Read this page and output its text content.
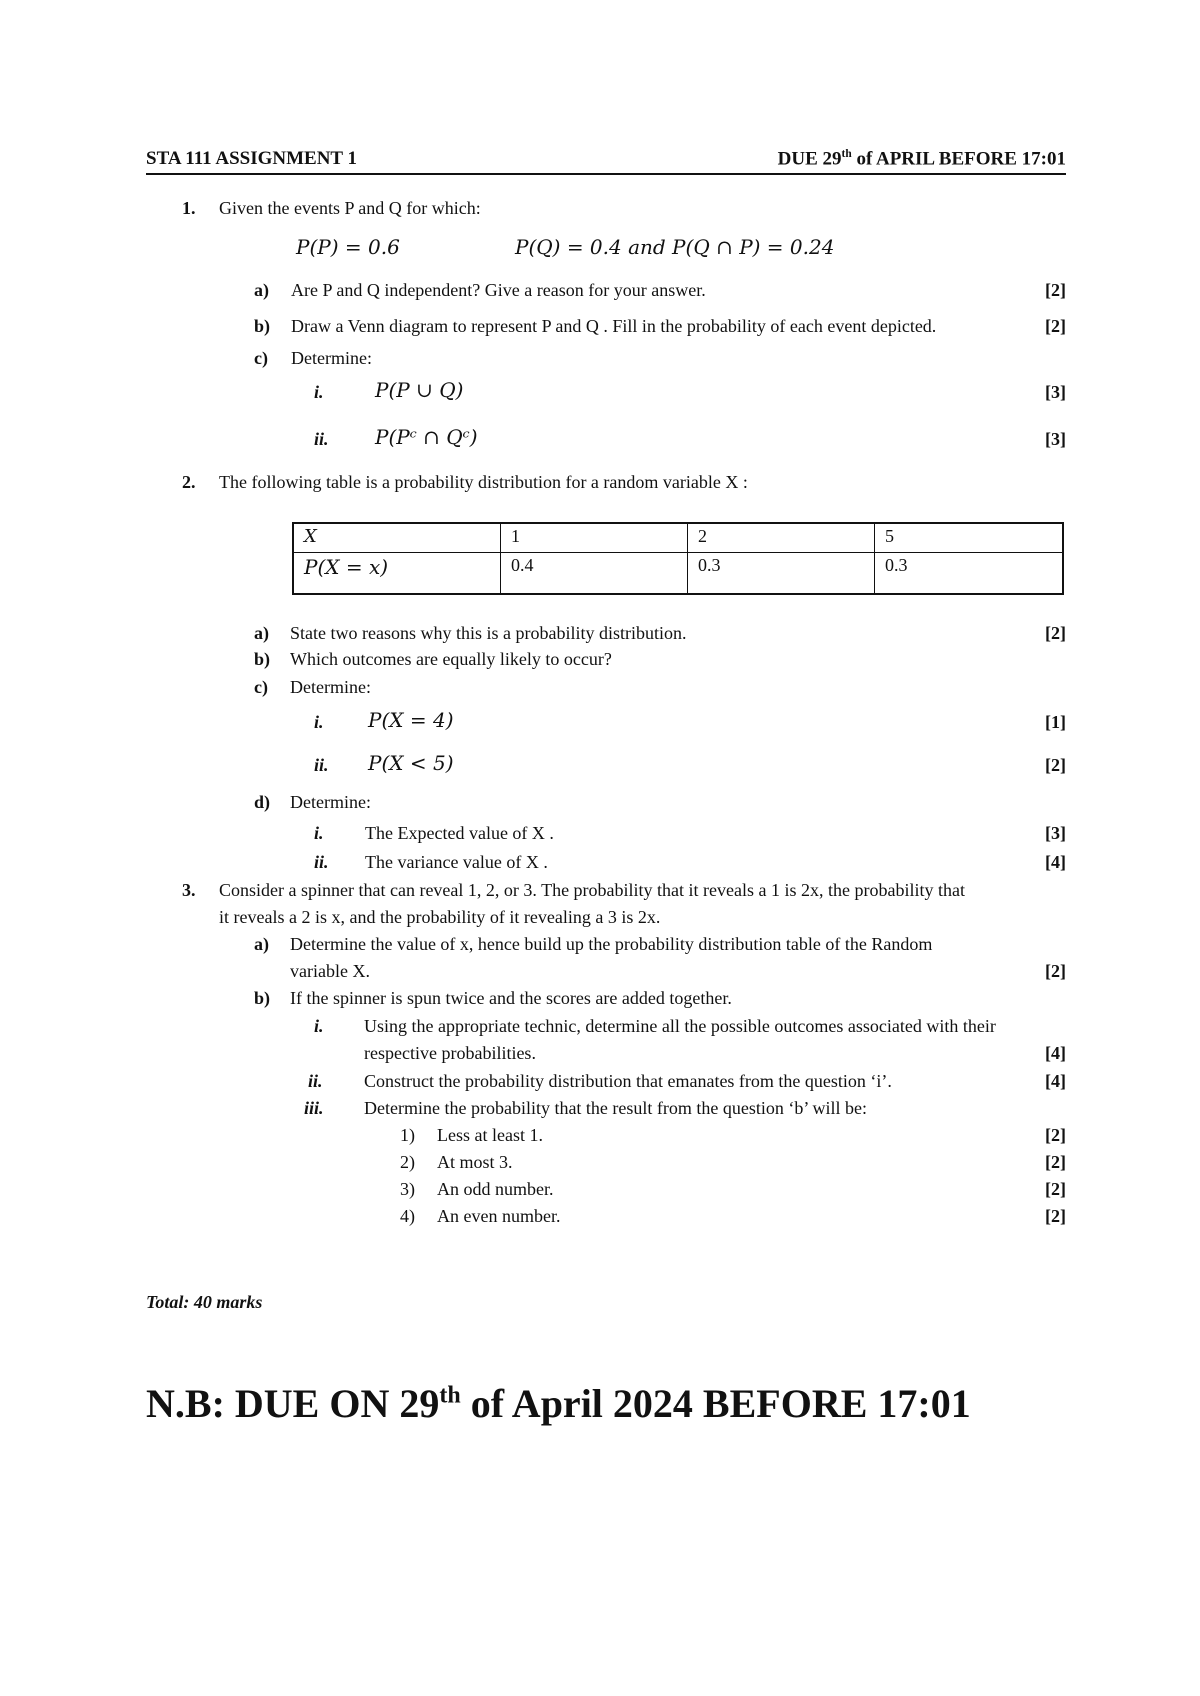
STA 111 ASSIGNMENT 1	DUE 29th of APRIL BEFORE 17:01
1. Given the events P and Q for which:
P(P) = 0.6	P(Q) = 0.4 and P(Q ∩ P) = 0.24
a) Are P and Q independent? Give a reason for your answer.	[2]
b) Draw a Venn diagram to represent P and Q . Fill in the probability of each event depicted.	[2]
c) Determine:
i.	P(P ∪ Q)	[3]
ii. P(Pᶜ ∩ Qᶜ)	[3]
2. The following table is a probability distribution for a random variable X :
X	1	2	5
P(X = x)	0.4	0.3	0.3
a) State two reasons why this is a probability distribution.	[2]
b) Which outcomes are equally likely to occur?
c) Determine:
i. P(X = 4)	[1]
ii. P(X < 5)	[2]
d) Determine:
i. The Expected value of X .	[3]
ii. The variance value of X .	[4]
3. Consider a spinner that can reveal 1, 2, or 3. The probability that it reveals a 1 is 2x, the probability that
it reveals a 2 is x, and the probability of it revealing a 3 is 2x.
a) Determine the value of x, hence build up the probability distribution table of the Random
variable X.	[2]
b) If the spinner is spun twice and the scores are added together.
i. Using the appropriate technic, determine all the possible outcomes associated with their
respective probabilities.	[4]
ii. Construct the probability distribution that emanates from the question ‘i’.	[4]
iii. Determine the probability that the result from the question ‘b’ will be:
1) Less at least 1.	[2]
2) At most 3.	[2]
3) An odd number.	[2]
4) An even number.	[2]
Total: 40 marks
N.B: DUE ON 29th of April 2024 BEFORE 17:01
